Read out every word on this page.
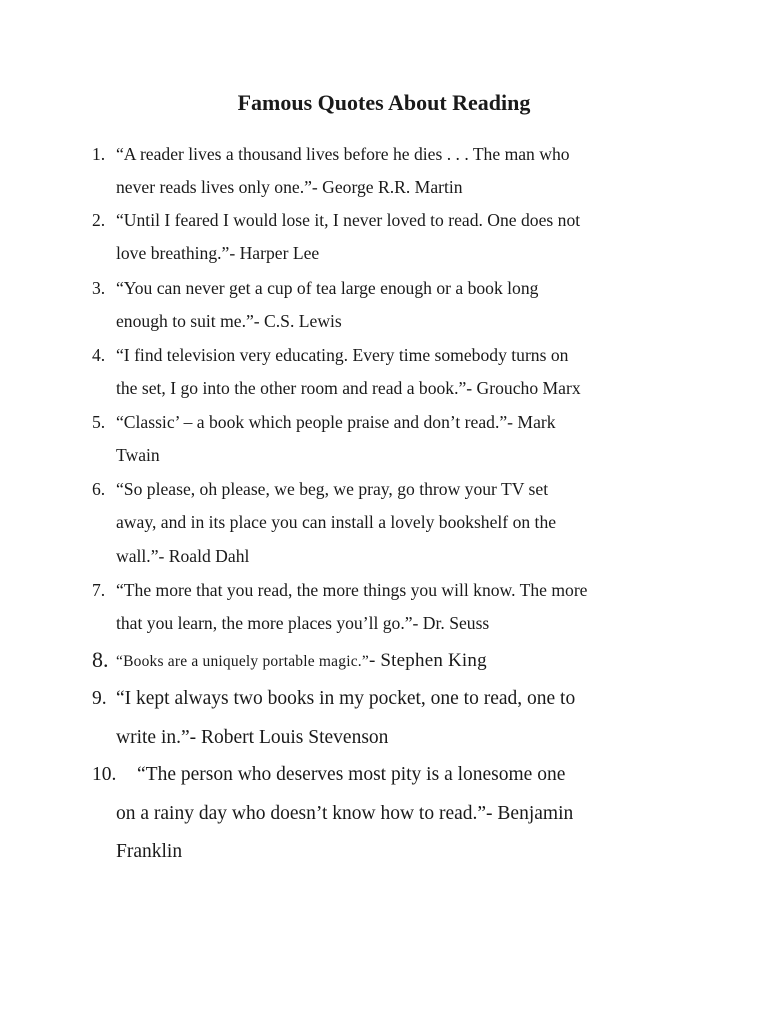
Famous Quotes About Reading
1. “A reader lives a thousand lives before he dies . . . The man who
never reads lives only one.”- George R.R. Martin
2. “Until I feared I would lose it, I never loved to read. One does not
love breathing.”- Harper Lee
3. “You can never get a cup of tea large enough or a book long
enough to suit me.”- C.S. Lewis
4. “I find television very educating. Every time somebody turns on
the set, I go into the other room and read a book.”- Groucho Marx
5. “Classic’ – a book which people praise and don’t read.”- Mark
Twain
6. “So please, oh please, we beg, we pray, go throw your TV set
away, and in its place you can install a lovely bookshelf on the
wall.”- Roald Dahl
7. “The more that you read, the more things you will know. The more
that you learn, the more places you’ll go.”- Dr. Seuss
8. “Books are a uniquely portable magic.”- Stephen King
9. “I kept always two books in my pocket, one to read, one to
write in.”- Robert Louis Stevenson
10. “The person who deserves most pity is a lonesome one
on a rainy day who doesn’t know how to read.”- Benjamin
Franklin
